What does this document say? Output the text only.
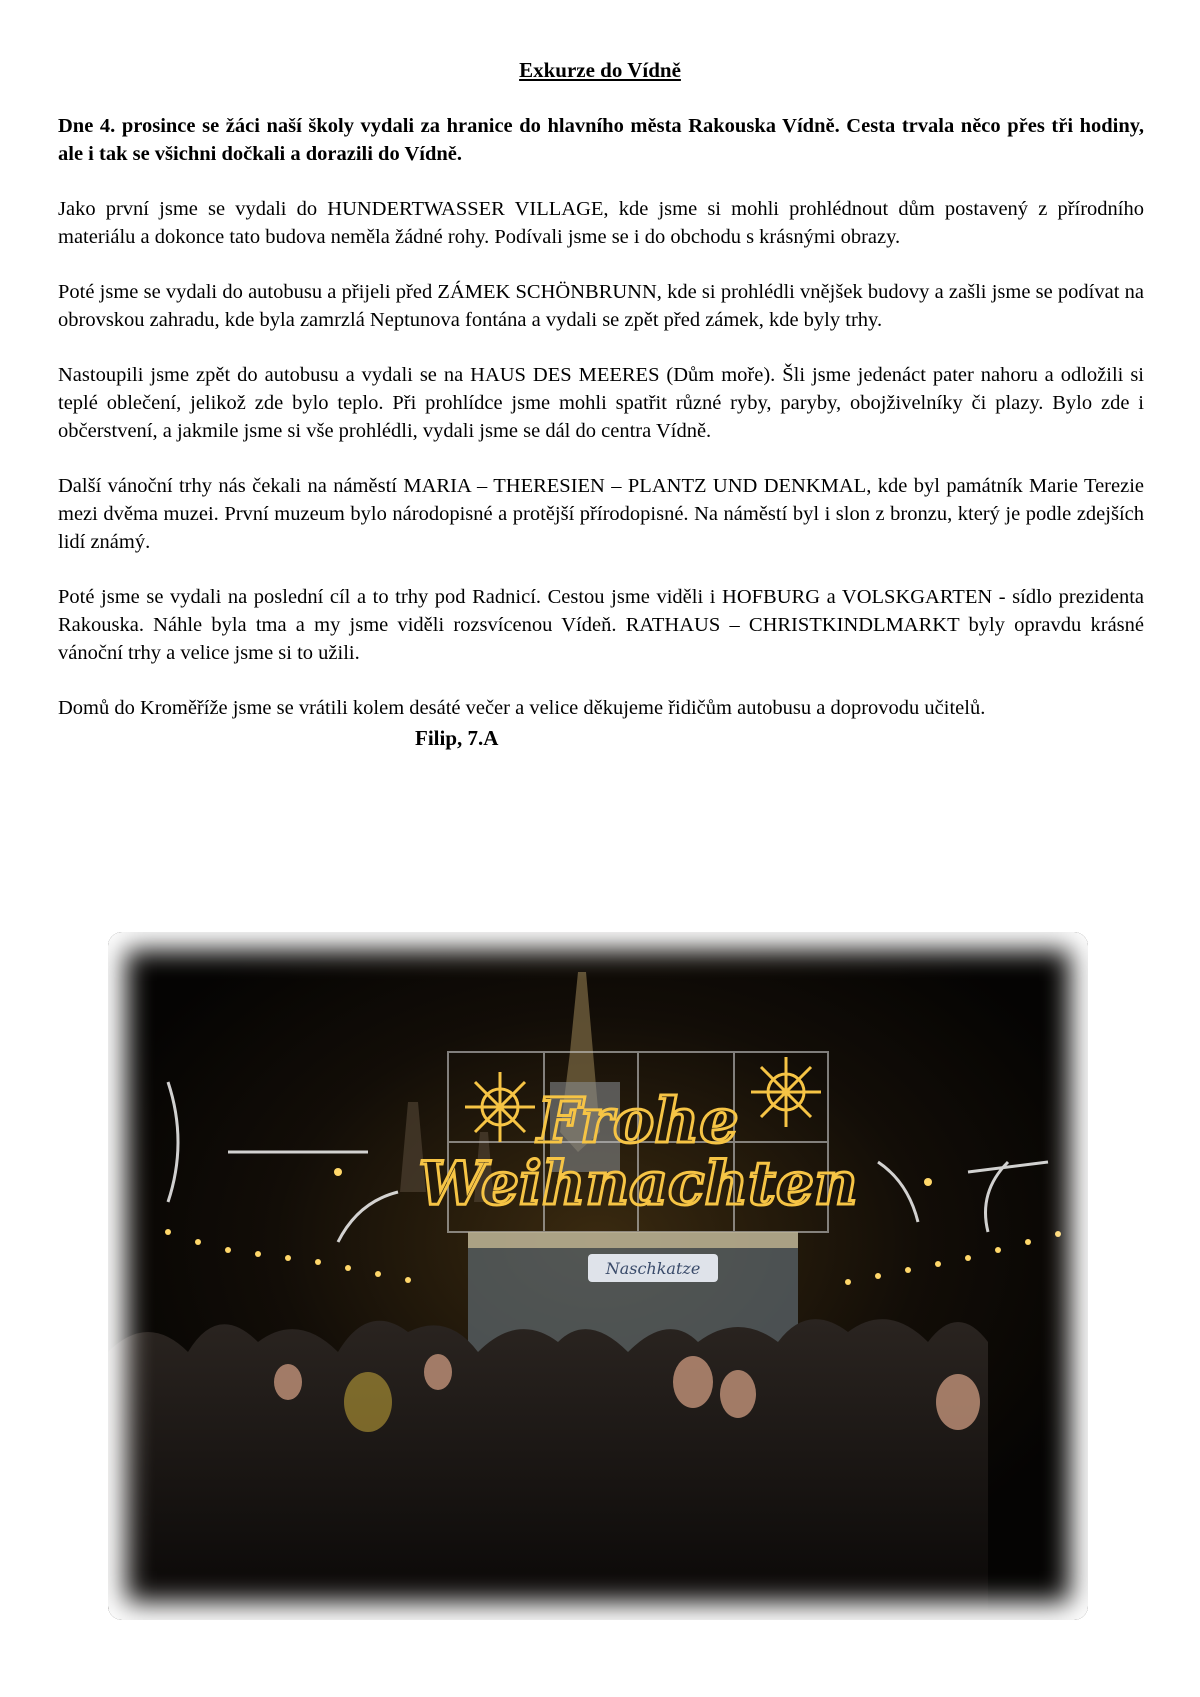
Exkurze do Vídně

Dne 4. prosince se žáci naší školy vydali za hranice do hlavního města Rakouska Vídně. Cesta trvala něco přes tři hodiny, ale i tak se všichni dočkali a dorazili do Vídně.

Jako první jsme se vydali do HUNDERTWASSER VILLAGE, kde jsme si mohli prohlédnout dům postavený z přírodního materiálu a dokonce tato budova neměla žádné rohy. Podívali jsme se i do obchodu s krásnými obrazy.

Poté jsme se vydali do autobusu a přijeli před ZÁMEK SCHÖNBRUNN, kde si prohlédli vnějšek budovy a zašli jsme se podívat na obrovskou zahradu, kde byla zamrzlá Neptunova fontána a vydali se zpět před zámek, kde byly trhy.

Nastoupili jsme zpět do autobusu a vydali se na HAUS DES MEERES (Dům moře). Šli jsme jedenáct pater nahoru a odložili si teplé oblečení, jelikož zde bylo teplo. Při prohlídce jsme mohli spatřit různé ryby, paryby, obojživelníky či plazy. Bylo zde i občerstvení, a jakmile jsme si vše prohlédli, vydali jsme se dál do centra Vídně.

Další vánoční trhy nás čekali na náměstí MARIA – THERESIEN – PLANTZ UND DENKMAL, kde byl památník Marie Terezie mezi dvěma muzei. První muzeum bylo národopisné a protější přírodopisné. Na náměstí byl i slon z bronzu, který je podle zdejších lidí známý.

Poté jsme se vydali na poslední cíl a to trhy pod Radnicí. Cestou jsme viděli i HOFBURG a VOLSKGARTEN - sídlo prezidenta Rakouska. Náhle byla tma a my jsme viděli rozsvícenou Vídeň. RATHAUS – CHRISTKINDLMARKT byly opravdu krásné vánoční trhy a velice jsme si to užili.

Domů do Kroměříže jsme se vrátili kolem desáté večer a velice děkujeme řidičům autobusu a doprovodu učitelů.

Filip, 7.A
Frohe
Weihnachten
Naschkatze
